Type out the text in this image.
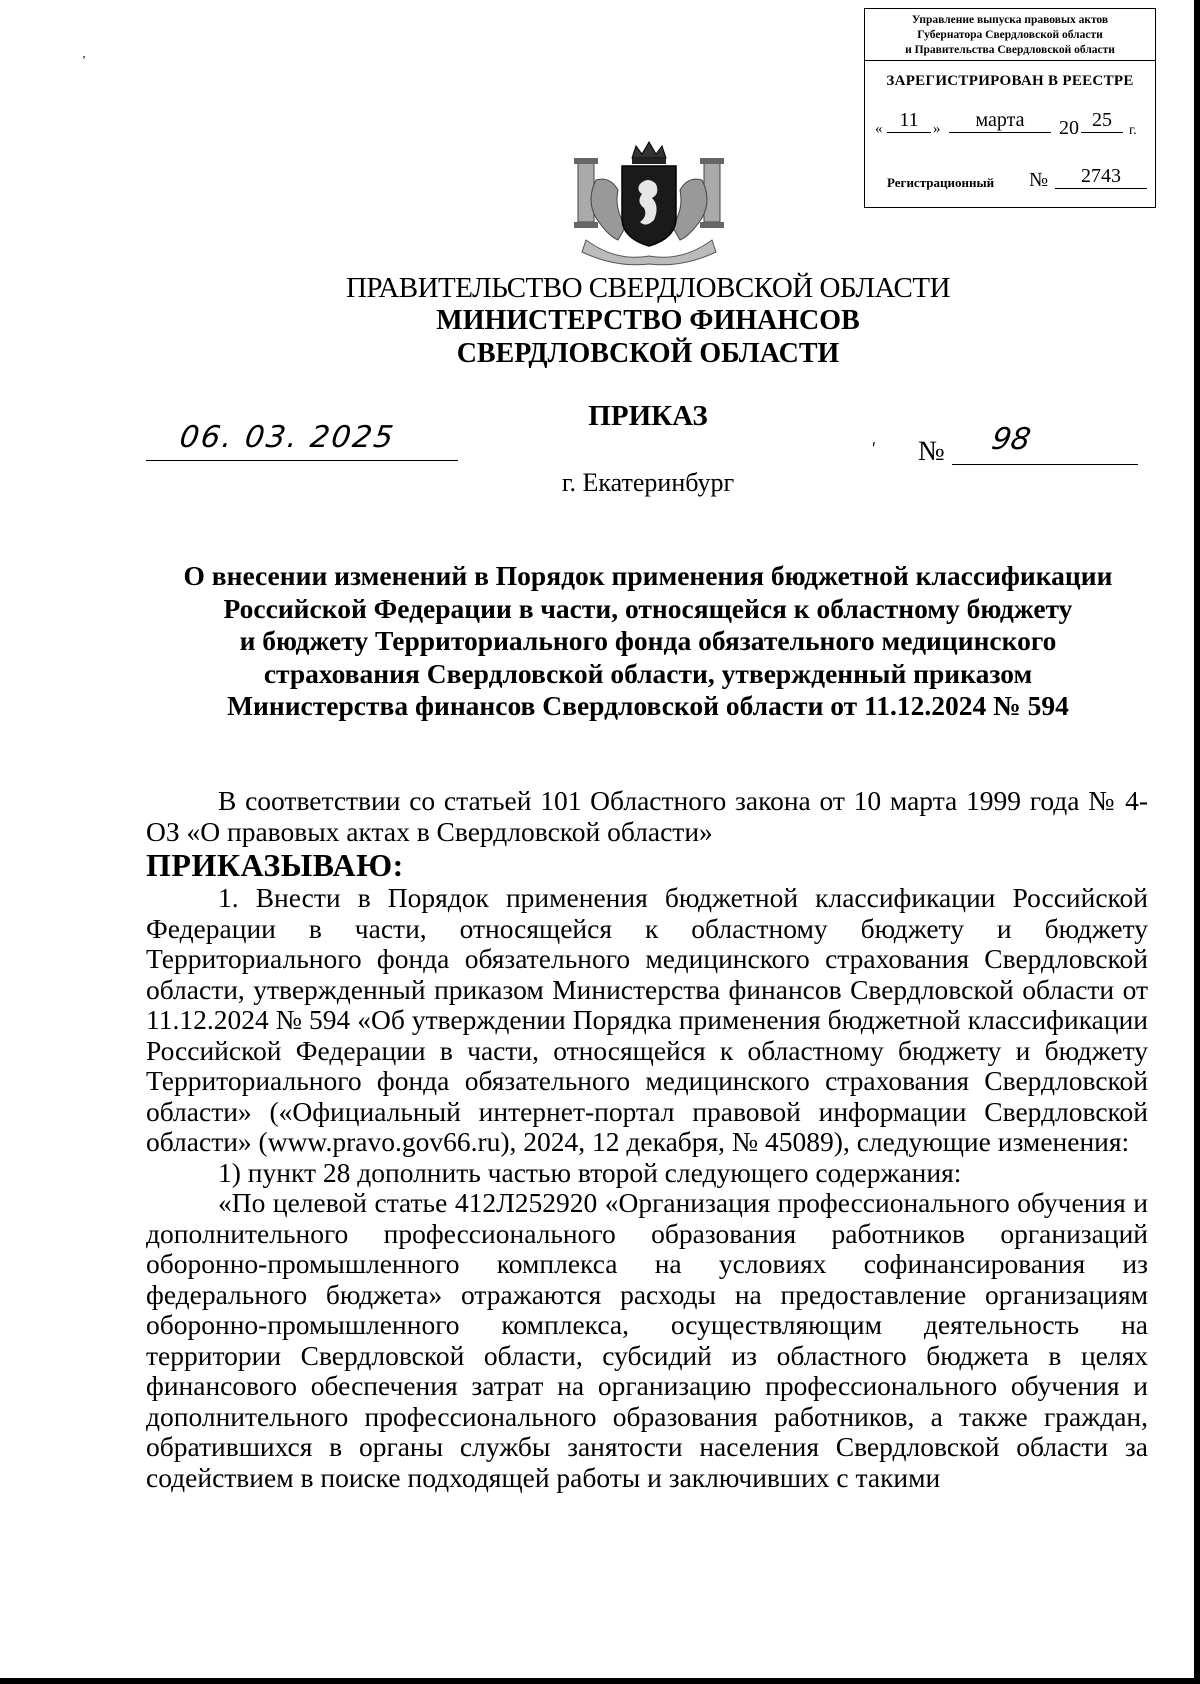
‚
Управление выпуска правовых актов
Губернатора Свердловской области
и Правительства Свердловской области
ЗАРЕГИСТРИРОВАН В РЕЕСТРЕ
« 11 »	марта	20 25	г.
Регистрационный №	2743
ПРАВИТЕЛЬСТВО СВЕРДЛОВСКОЙ ОБЛАСТИ
МИНИСТЕРСТВО ФИНАНСОВ
СВЕРДЛОВСКОЙ ОБЛАСТИ
ПРИКАЗ
06. 03. 2025	ʹ № 98
г. Екатеринбург
О внесении изменений в Порядок применения бюджетной классификации
Российской Федерации в части, относящейся к областному бюджету
и бюджету Территориального фонда обязательного медицинского
страхования Свердловской области, утвержденный приказом
Министерства финансов Свердловской области от 11.12.2024 № 594

В соответствии со статьей 101 Областного закона от 10 марта 1999 года № 4-ОЗ «О правовых актах в Свердловской области»

ПРИКАЗЫВАЮ:

1. Внести в Порядок применения бюджетной классификации Российской Федерации в части, относящейся к областному бюджету и бюджету Территориального фонда обязательного медицинского страхования Свердловской области, утвержденный приказом Министерства финансов Свердловской области от 11.12.2024 № 594 «Об утверждении Порядка применения бюджетной классификации Российской Федерации в части, относящейся к областному бюджету и бюджету Территориального фонда обязательного медицинского страхования Свердловской области» («Официальный интернет-портал правовой информации Свердловской области» (www.pravo.gov66.ru), 2024, 12 декабря, № 45089), следующие изменения:

1) пункт 28 дополнить частью второй следующего содержания:

«По целевой статье 412Л252920 «Организация профессионального обучения и дополнительного профессионального образования работников организаций оборонно-промышленного комплекса на условиях софинансирования из федерального бюджета» отражаются расходы на предоставление организациям оборонно-промышленного комплекса, осуществляющим деятельность на территории Свердловской области, субсидий из областного бюджета в целях финансового обеспечения затрат на организацию профессионального обучения и дополнительного профессионального образования работников, а также граждан, обратившихся в органы службы занятости населения Свердловской области за содействием в поиске подходящей работы и заключивших с такими
